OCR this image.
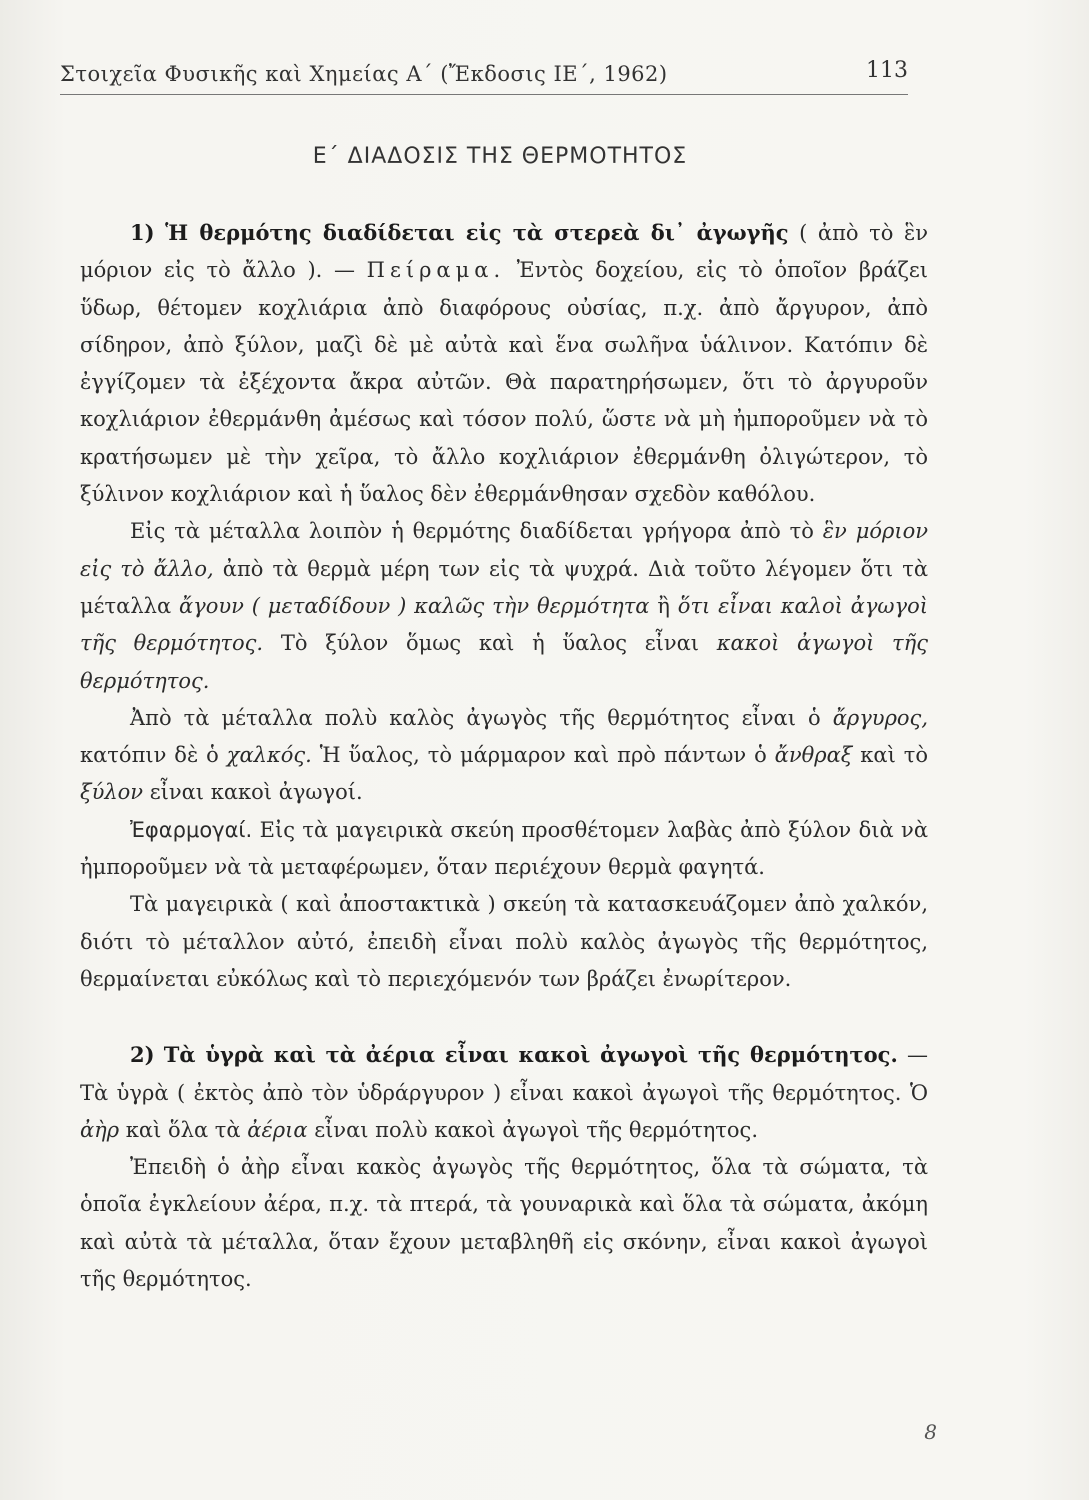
Στοιχεῖα Φυσικῆς καὶ Χημείας Α΄ (Ἔκδοσις ΙΕ΄, 1962)	113
Ε΄ ΔΙΑΔΟΣΙΣ ΤΗΣ ΘΕΡΜΟΤΗΤΟΣ

1) Ἡ θερμότης διαδίδεται εἰς τὰ στερεὰ δι᾽ ἀγωγῆς ( ἀπὸ τὸ ἓν μόριον εἰς τὸ ἄλλο ). — Πείραμα. Ἐντὸς δοχείου, εἰς τὸ ὁποῖον βράζει ὕδωρ, θέτομεν κοχλιάρια ἀπὸ διαφόρους οὐσίας, π.χ. ἀπὸ ἄργυρον, ἀπὸ σίδηρον, ἀπὸ ξύλον, μαζὶ δὲ μὲ αὐτὰ καὶ ἕνα σωλῆνα ὑάλινον. Κατόπιν δὲ ἐγγίζομεν τὰ ἐξέχοντα ἄκρα αὐτῶν. Θὰ παρατηρήσωμεν, ὅτι τὸ ἀργυροῦν κοχλιάριον ἐθερμάνθη ἀμέσως καὶ τόσον πολύ, ὥστε νὰ μὴ ἠμποροῦμεν νὰ τὸ κρατήσωμεν μὲ τὴν χεῖρα, τὸ ἄλλο κοχλιάριον ἐθερμάνθη ὀλιγώτερον, τὸ ξύλινον κοχλιάριον καὶ ἡ ὕαλος δὲν ἐθερμάνθησαν σχεδὸν καθόλου.

Εἰς τὰ μέταλλα λοιπὸν ἡ θερμότης διαδίδεται γρήγορα ἀπὸ τὸ ἓν μόριον εἰς τὸ ἄλλο, ἀπὸ τὰ θερμὰ μέρη των εἰς τὰ ψυχρά. Διὰ τοῦτο λέγομεν ὅτι τὰ μέταλλα ἄγουν ( μεταδίδουν ) καλῶς τὴν θερμότητα ἢ ὅτι εἶναι καλοὶ ἀγωγοὶ τῆς θερμότητος. Τὸ ξύλον ὅμως καὶ ἡ ὕαλος εἶναι κακοὶ ἀγωγοὶ τῆς θερμότητος.

Ἀπὸ τὰ μέταλλα πολὺ καλὸς ἀγωγὸς τῆς θερμότητος εἶναι ὁ ἄργυρος, κατόπιν δὲ ὁ χαλκός. Ἡ ὕαλος, τὸ μάρμαρον καὶ πρὸ πάντων ὁ ἄνθραξ καὶ τὸ ξύλον εἶναι κακοὶ ἀγωγοί.

Ἐφαρμογαί. Εἰς τὰ μαγειρικὰ σκεύη προσθέτομεν λαβὰς ἀπὸ ξύλον διὰ νὰ ἠμποροῦμεν νὰ τὰ μεταφέρωμεν, ὅταν περιέχουν θερμὰ φαγητά.

Τὰ μαγειρικὰ ( καὶ ἀποστακτικὰ ) σκεύη τὰ κατασκευάζομεν ἀπὸ χαλκόν, διότι τὸ μέταλλον αὐτό, ἐπειδὴ εἶναι πολὺ καλὸς ἀγωγὸς τῆς θερμότητος, θερμαίνεται εὐκόλως καὶ τὸ περιεχόμενόν των βράζει ἐνωρίτερον.

2) Τὰ ὑγρὰ καὶ τὰ ἀέρια εἶναι κακοὶ ἀγωγοὶ τῆς θερμότητος. — Τὰ ὑγρὰ ( ἐκτὸς ἀπὸ τὸν ὑδράργυρον ) εἶναι κακοὶ ἀγωγοὶ τῆς θερμότητος. Ὁ ἀὴρ καὶ ὅλα τὰ ἀέρια εἶναι πολὺ κακοὶ ἀγωγοὶ τῆς θερμότητος.

Ἐπειδὴ ὁ ἀὴρ εἶναι κακὸς ἀγωγὸς τῆς θερμότητος, ὅλα τὰ σώματα, τὰ ὁποῖα ἐγκλείουν ἀέρα, π.χ. τὰ πτερά, τὰ γουναρικὰ καὶ ὅλα τὰ σώματα, ἀκόμη καὶ αὐτὰ τὰ μέταλλα, ὅταν ἔχουν μεταβληθῆ εἰς σκόνην, εἶναι κακοὶ ἀγωγοὶ τῆς θερμότητος.

8
